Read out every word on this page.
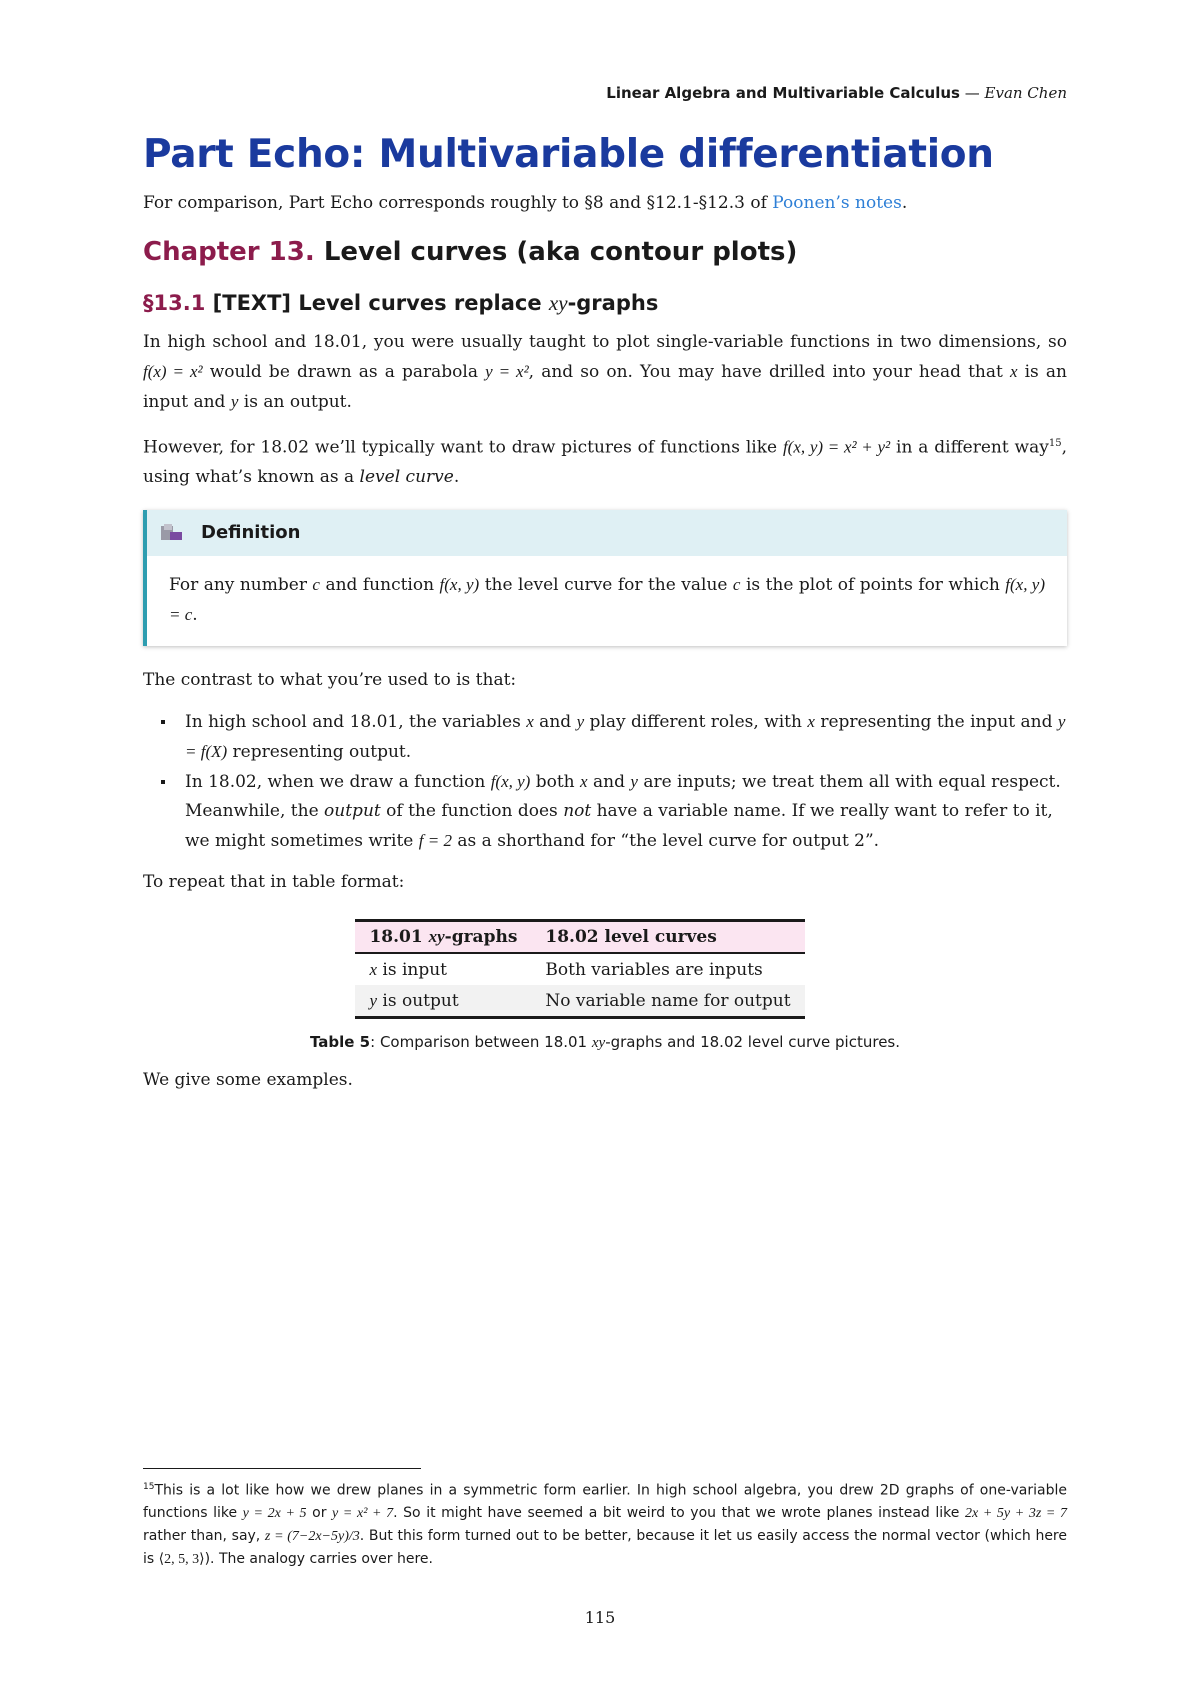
Linear Algebra and Multivariable Calculus — Evan Chen
Part Echo: Multivariable differentiation

For comparison, Part Echo corresponds roughly to §8 and §12.1-§12.3 of Poonen’s notes.

Chapter 13. Level curves (aka contour plots)
§13.1 [TEXT] Level curves replace xy-graphs

In high school and 18.01, you were usually taught to plot single-variable functions in two dimensions, so f(x) = x² would be drawn as a parabola y = x², and so on. You may have drilled into your head that x is an input and y is an output.

However, for 18.02 we’ll typically want to draw pictures of functions like f(x, y) = x² + y² in a different way$^{15}$, using what’s known as a level curve.

Definition
For any number c and function f(x, y) the level curve for the value c is the plot of points for which f(x, y) = c.

The contrast to what you’re used to is that:

In high school and 18.01, the variables x and y play different roles, with x representing the input and y = f(X) representing output.
In 18.02, when we draw a function f(x, y) both x and y are inputs; we treat them all with equal respect. Meanwhile, the output of the function does not have a variable name. If we really want to refer to it, we might sometimes write f = 2 as a shorthand for “the level curve for output 2”.

To repeat that in table format:

18.01 xy-graphs	18.02 level curves
x is input	Both variables are inputs
y is output	No variable name for output

Table 5: Comparison between 18.01 xy-graphs and 18.02 level curve pictures.

We give some examples.

$^{15}$This is a lot like how we drew planes in a symmetric form earlier. In high school algebra, you drew 2D graphs of one-variable functions like y = 2x + 5 or y = x² + 7. So it might have seemed a bit weird to you that we wrote planes instead like 2x + 5y + 3z = 7 rather than, say, z = (7−2x−5y)/3. But this form turned out to be better, because it let us easily access the normal vector (which here is ⟨2, 5, 3⟩). The analogy carries over here.
115
